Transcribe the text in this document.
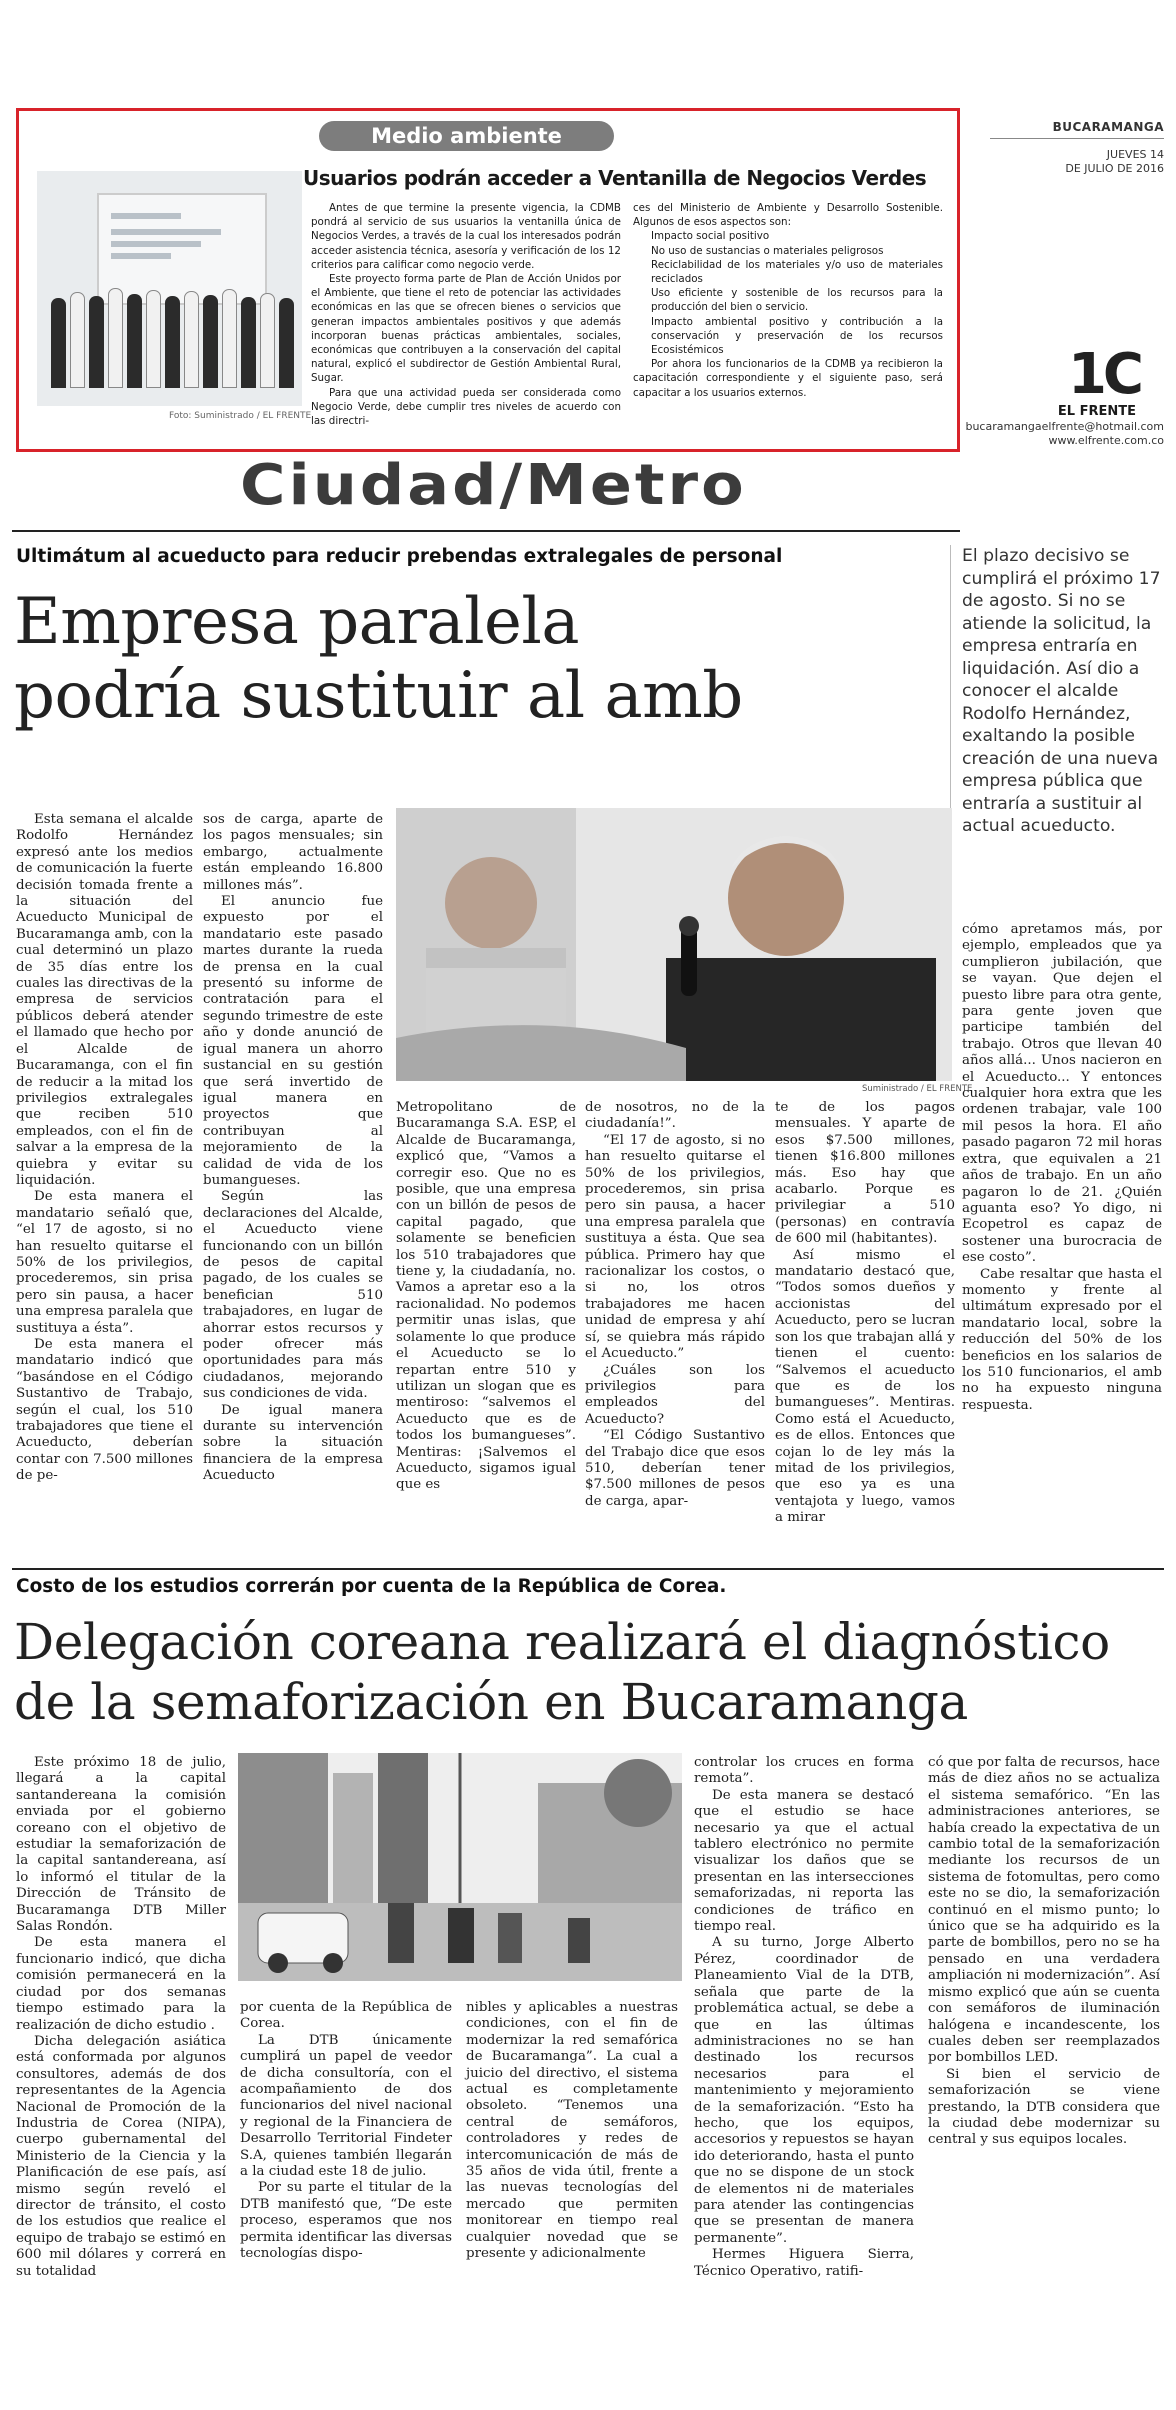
Foto: Suministrado / EL FRENTE
Medio ambiente
Usuarios podrán acceder a Ventanilla de Negocios Verdes

Antes de que termine la presente vigencia, la CDMB pondrá al servicio de sus usuarios la ventanilla única de Negocios Verdes, a través de la cual los interesados podrán acceder asistencia técnica, asesoría y verificación de los 12 criterios para calificar como negocio verde.

Este proyecto forma parte de Plan de Acción Unidos por el Ambiente, que tiene el reto de potenciar las actividades económicas en las que se ofrecen bienes o servicios que generan impactos ambientales positivos y que además incorporan buenas prácticas ambientales, sociales, económicas que contribuyen a la conservación del capital natural, explicó el subdirector de Gestión Ambiental Rural, Sugar.

Para que una actividad pueda ser considerada como Negocio Verde, debe cumplir tres niveles de acuerdo con las directri-

ces del Ministerio de Ambiente y Desarrollo Sostenible. Algunos de esos aspectos son:

Impacto social positivo

No uso de sustancias o materiales peligrosos

Reciclabilidad de los materiales y/o uso de materiales reciclados

Uso eficiente y sostenible de los recursos para la producción del bien o servicio.

Impacto ambiental positivo y contribución a la conservación y preservación de los recursos Ecosistémicos

Por ahora los funcionarios de la CDMB ya recibieron la capacitación correspondiente y el siguiente paso, será capacitar a los usuarios externos.

BUCARAMANGA
JUEVES 14
DE JULIO DE 2016
1C
EL FRENTE
bucaramangaelfrente@hotmail.com
www.elfrente.com.co
Ciudad/Metro
Ultimátum al acueducto para reducir prebendas extralegales de personal
Empresa paralela
podría sustituir al amb
El plazo decisivo se cumplirá el próximo 17 de agosto. Si no se atiende la solicitud, la empresa entraría en liquidación. Así dio a conocer el alcalde Rodolfo Hernández, exaltando la posible creación de una nueva empresa pública que entraría a sustituir al actual acueducto.
Suministrado / EL FRENTE

Esta semana el alcalde Rodolfo Hernández expresó ante los medios de comunicación la fuerte decisión tomada frente a la situación del Acueducto Municipal de Bucaramanga amb, con la cual determinó un plazo de 35 días entre los cuales las directivas de la empresa de servicios públicos deberá atender el llamado que hecho por el Alcalde de Bucaramanga, con el fin de reducir a la mitad los privilegios extralegales que reciben 510 empleados, con el fin de salvar a la empresa de la quiebra y evitar su liquidación.

De esta manera el mandatario señaló que, “el 17 de agosto, si no han resuelto quitarse el 50% de los privilegios, procederemos, sin prisa pero sin pausa, a hacer una empresa paralela que sustituya a ésta”.

De esta manera el mandatario indicó que “basándose en el Código Sustantivo de Trabajo, según el cual, los 510 trabajadores que tiene el Acueducto, deberían contar con 7.500 millones de pe-

sos de carga, aparte de los pagos mensuales; sin embargo, actualmente están empleando 16.800 millones más”.

El anuncio fue expuesto por el mandatario este pasado martes durante la rueda de prensa en la cual presentó su informe de contratación para el segundo trimestre de este año y donde anunció de igual manera un ahorro sustancial en su gestión que será invertido de igual manera en proyectos que contribuyan al mejoramiento de la calidad de vida de los bumangueses.

Según las declaraciones del Alcalde, el Acueducto viene funcionando con un billón de pesos de capital pagado, de los cuales se benefician 510 trabajadores, en lugar de ahorrar estos recursos y poder ofrecer más oportunidades para más ciudadanos, mejorando sus condiciones de vida.

De igual manera durante su intervención sobre la situación financiera de la empresa Acueducto

Metropolitano de Bucaramanga S.A. ESP, el Alcalde de Bucaramanga, explicó que, “Vamos a corregir eso. Que no es posible, que una empresa con un billón de pesos de capital pagado, que solamente se beneficien los 510 trabajadores que tiene y, la ciudadanía, no. Vamos a apretar eso a la racionalidad. No podemos permitir unas islas, que solamente lo que produce el Acueducto se lo repartan entre 510 y utilizan un slogan que es mentiroso: “salvemos el Acueducto que es de todos los bumangueses”. Mentiras: ¡Salvemos el Acueducto, sigamos igual que es

de nosotros, no de la ciudadanía!”.

“El 17 de agosto, si no han resuelto quitarse el 50% de los privilegios, procederemos, sin prisa pero sin pausa, a hacer una empresa paralela que sustituya a ésta. Que sea pública. Primero hay que racionalizar los costos, o si no, los otros trabajadores me hacen unidad de empresa y ahí sí, se quiebra más rápido el Acueducto.”

¿Cuáles son los privilegios para empleados del Acueducto?

“El Código Sustantivo del Trabajo dice que esos 510, deberían tener $7.500 millones de pesos de carga, apar-

te de los pagos mensuales. Y aparte de esos $7.500 millones, tienen $16.800 millones más. Eso hay que acabarlo. Porque es privilegiar a 510 (personas) en contravía de 600 mil (habitantes).

Así mismo el mandatario destacó que, “Todos somos dueños y accionistas del Acueducto, pero se lucran son los que trabajan allá y tienen el cuento: “Salvemos el acueducto que es de los bumangueses”. Mentiras. Como está el Acueducto, es de ellos. Entonces que cojan lo de ley más la mitad de los privilegios, que eso ya es una ventajota y luego, vamos a mirar

cómo apretamos más, por ejemplo, empleados que ya cumplieron jubilación, que se vayan. Que dejen el puesto libre para otra gente, para gente joven que participe también del trabajo. Otros que llevan 40 años allá... Unos nacieron en el Acueducto... Y entonces cualquier hora extra que les ordenen trabajar, vale 100 mil pesos la hora. El año pasado pagaron 72 mil horas extra, que equivalen a 21 años de trabajo. En un año pagaron lo de 21. ¿Quién aguanta eso? Yo digo, ni Ecopetrol es capaz de sostener una burocracia de ese costo”.

Cabe resaltar que hasta el momento y frente al ultimátum expresado por el mandatario local, sobre la reducción del 50% de los beneficios en los salarios de los 510 funcionarios, el amb no ha expuesto ninguna respuesta.

Costo de los estudios correrán por cuenta de la República de Corea.
Delegación coreana realizará el diagnóstico
de la semaforización en Bucaramanga

Este próximo 18 de julio, llegará a la capital santandereana la comisión enviada por el gobierno coreano con el objetivo de estudiar la semaforización de la capital santandereana, así lo informó el titular de la Dirección de Tránsito de Bucaramanga DTB Miller Salas Rondón.

De esta manera el funcionario indicó, que dicha comisión permanecerá en la ciudad por dos semanas tiempo estimado para la realización de dicho estudio .

Dicha delegación asiática está conformada por algunos consultores, además de dos representantes de la Agencia Nacional de Promoción de la Industria de Corea (NIPA), cuerpo gubernamental del Ministerio de la Ciencia y la Planificación de ese país, así mismo según reveló el director de tránsito, el costo de los estudios que realice el equipo de trabajo se estimó en 600 mil dólares y correrá en su totalidad

por cuenta de la República de Corea.

La DTB únicamente cumplirá un papel de veedor de dicha consultoría, con el acompañamiento de dos funcionarios del nivel nacional y regional de la Financiera de Desarrollo Territorial Findeter S.A, quienes también llegarán a la ciudad este 18 de julio.

Por su parte el titular de la DTB manifestó que, “De este proceso, esperamos que nos permita identificar las diversas tecnologías dispo-

nibles y aplicables a nuestras condiciones, con el fin de modernizar la red semafórica de Bucaramanga”. La cual a juicio del directivo, el sistema actual es completamente obsoleto. “Tenemos una central de semáforos, controladores y redes de intercomunicación de más de 35 años de vida útil, frente a las nuevas tecnologías del mercado que permiten monitorear en tiempo real cualquier novedad que se presente y adicionalmente

controlar los cruces en forma remota”.

De esta manera se destacó que el estudio se hace necesario ya que el actual tablero electrónico no permite visualizar los daños que se presentan en las intersecciones semaforizadas, ni reporta las condiciones de tráfico en tiempo real.

A su turno, Jorge Alberto Pérez, coordinador de Planeamiento Vial de la DTB, señala que parte de la problemática actual, se debe a que en las últimas administraciones no se han destinado los recursos necesarios para el mantenimiento y mejoramiento de la semaforización. “Esto ha hecho, que los equipos, accesorios y repuestos se hayan ido deteriorando, hasta el punto que no se dispone de un stock de elementos ni de materiales para atender las contingencias que se presentan de manera permanente”.

Hermes Higuera Sierra, Técnico Operativo, ratifi-

có que por falta de recursos, hace más de diez años no se actualiza el sistema semafórico. “En las administraciones anteriores, se había creado la expectativa de un cambio total de la semaforización mediante los recursos de un sistema de fotomultas, pero como este no se dio, la semaforización continuó en el mismo punto; lo único que se ha adquirido es la parte de bombillos, pero no se ha pensado en una verdadera ampliación ni modernización”. Así mismo explicó que aún se cuenta con semáforos de iluminación halógena e incandescente, los cuales deben ser reemplazados por bombillos LED.

Si bien el servicio de semaforización se viene prestando, la DTB considera que la ciudad debe modernizar su central y sus equipos locales.
